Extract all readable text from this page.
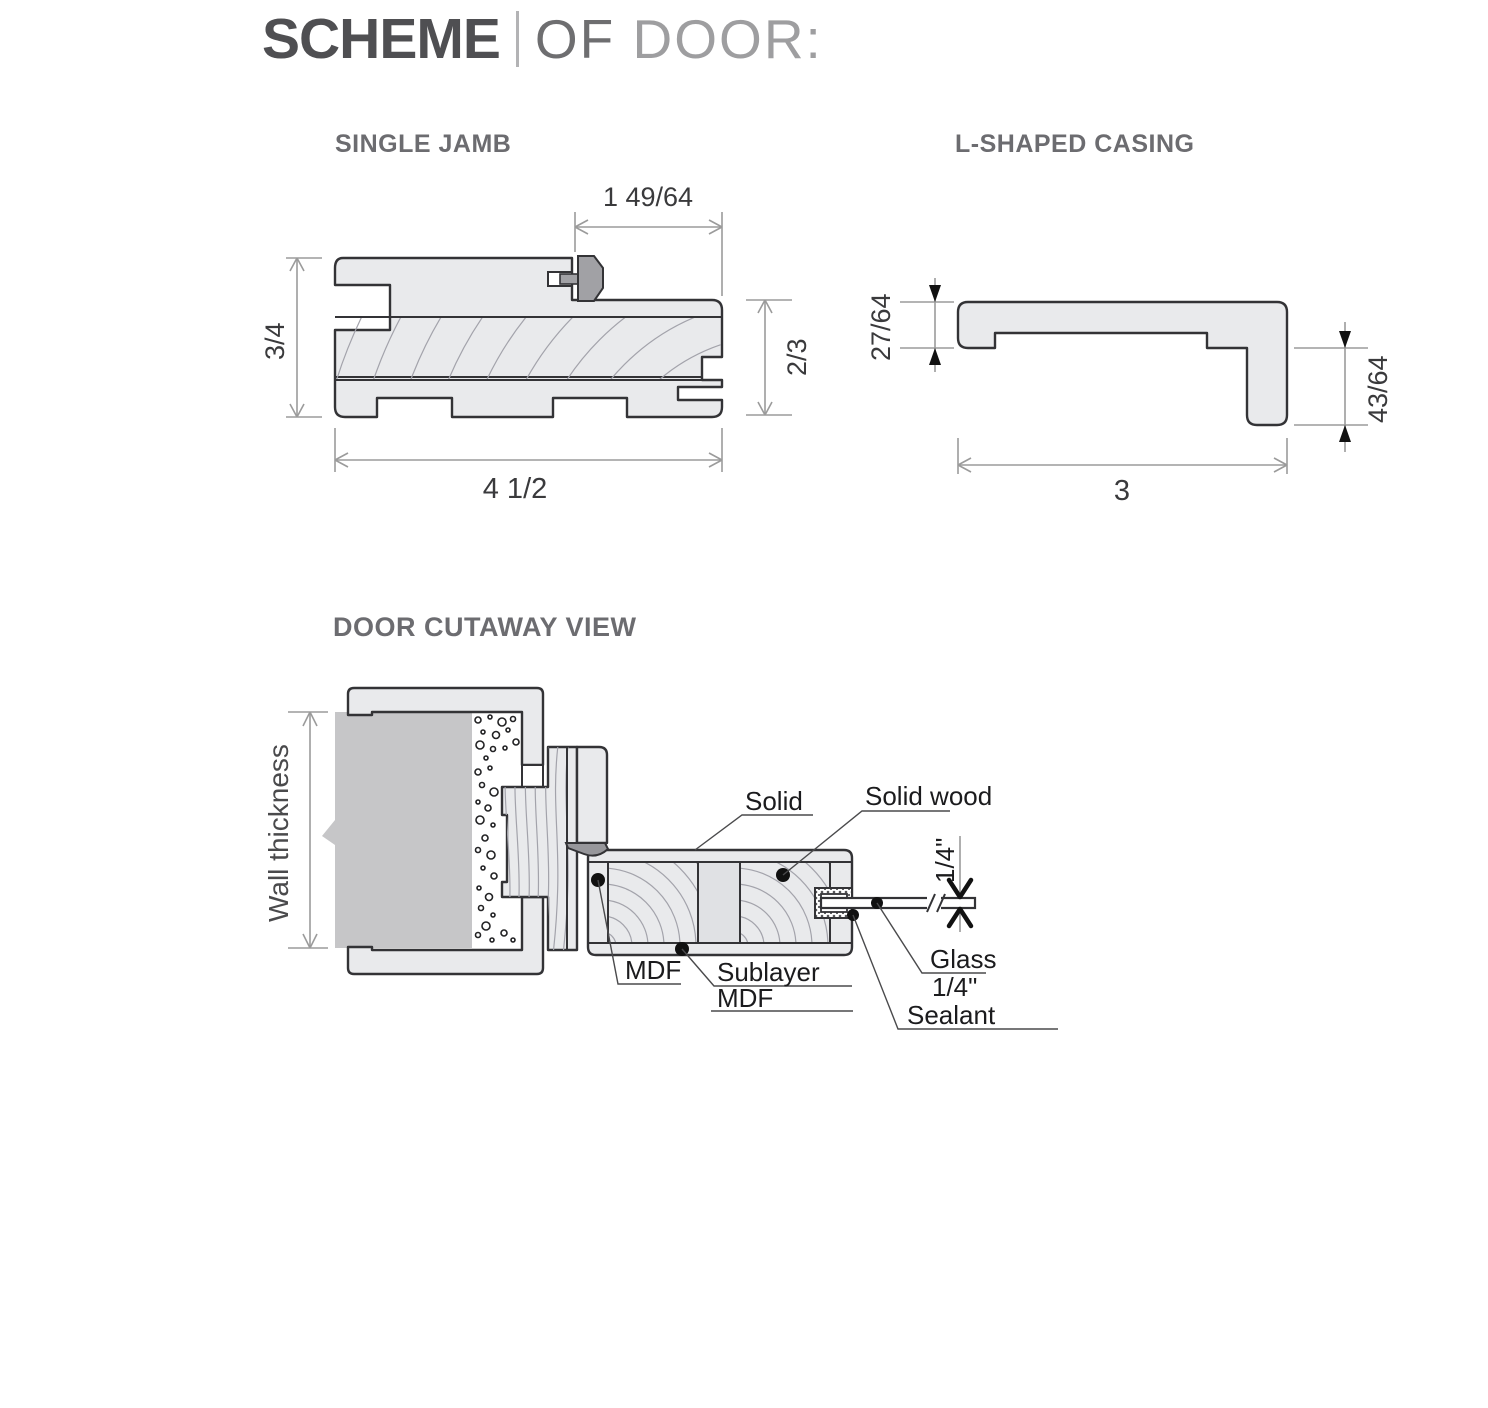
SCHEME OF DOOR:
SINGLE JAMB	L-SHAPED CASING
DOOR CUTAWAY VIEW
1 49/64
3/4	2/3
4 1/2
27/64
43/64
3
1/4"
Wall thickness	Solid Solid wood
MDF Sublayer
MDF
Glass
1/4"
Sealant
